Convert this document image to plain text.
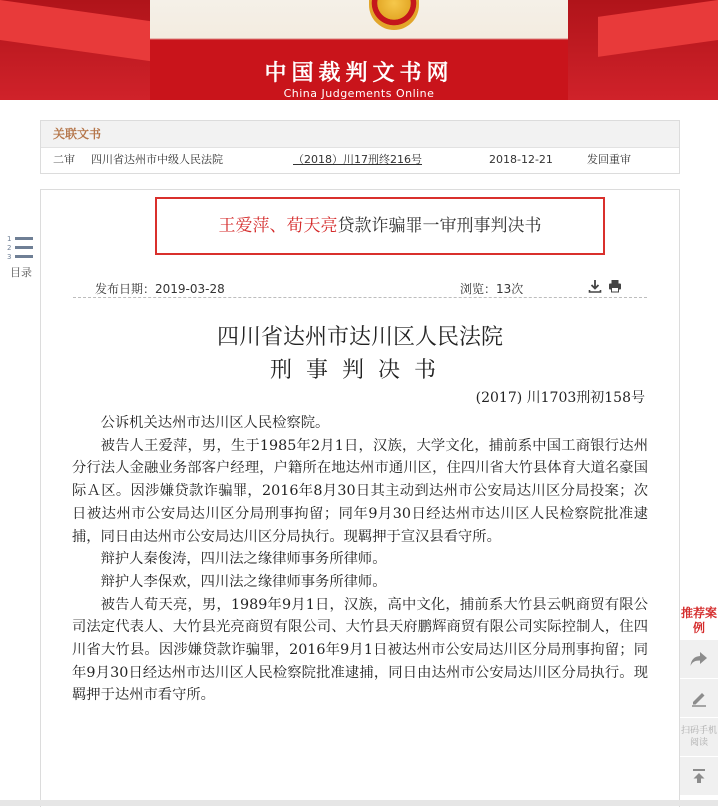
中国裁判文书网
China Judgements Online
关联文书
二审 四川省达州市中级人民法院	（2018）川17刑终216号	2018-12-21	发回重审
1
2
3
目录
王爱萍、荀天亮贷款诈骗罪一审刑事判决书
发布日期：2019-03-28	浏览：13次
四川省达州市达川区人民法院
刑事判决书
(2017) 川1703刑初158号

公诉机关达州市达川区人民检察院。

被告人王爱萍，男，生于1985年2月1日，汉族，大学文化，捕前系中国工商银行达州分行法人金融业务部客户经理，户籍所在地达州市通川区，住四川省大竹县体育大道名豪国际Ａ区。因涉嫌贷款诈骗罪，2016年8月30日其主动到达州市公安局达川区分局投案；次日被达州市公安局达川区分局刑事拘留；同年9月30日经达州市达川区人民检察院批准逮捕，同日由达州市公安局达川区分局执行。现羁押于宣汉县看守所。

辩护人秦俊涛，四川法之缘律师事务所律师。

辩护人李保欢，四川法之缘律师事务所律师。

被告人荀天亮，男，1989年9月1日，汉族，高中文化，捕前系大竹县云帆商贸有限公司法定代表人、大竹县光亮商贸有限公司、大竹县天府鹏辉商贸有限公司实际控制人，住四川省大竹县。因涉嫌贷款诈骗罪，2016年9月1日被达州市公安局达川区分局刑事拘留；同年9月30日经达州市达川区人民检察院批准逮捕，同日由达州市公安局达川区分局执行。现羁押于达州市看守所。

推荐案例
扫码手机阅读
